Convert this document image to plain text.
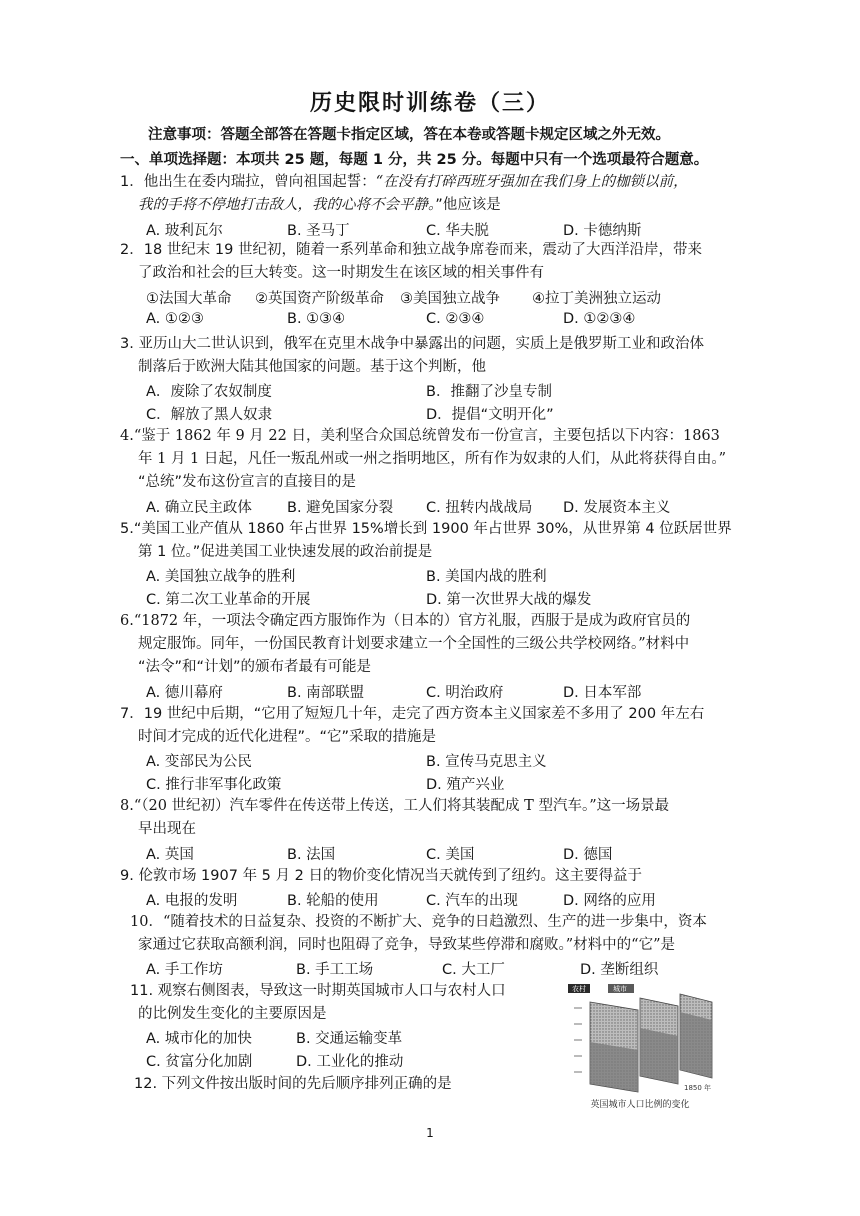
历史限时训练卷（三）
注意事项：答题全部答在答题卡指定区域，答在本卷或答题卡规定区域之外无效。
一、单项选择题：本项共 25 题，每题 1 分，共 25 分。每题中只有一个选项最符合题意。
1．他出生在委内瑞拉，曾向祖国起誓：“在没有打碎西班牙强加在我们身上的枷锁以前，
我的手将不停地打击敌人，我的心将不会平静。”他应该是
A. 玻利瓦尔	B. 圣马丁	C. 华夫脱	D. 卡德纳斯
2．18 世纪末 19 世纪初，随着一系列革命和独立战争席卷而来，震动了大西洋沿岸，带来
了政治和社会的巨大转变。这一时期发生在该区域的相关事件有
①法国大革命 ②英国资产阶级革命 ③美国独立战争 ④拉丁美洲独立运动
A. ①②③	B. ①③④	C. ②③④	D. ①②③④
3. 亚历山大二世认识到，俄军在克里木战争中暴露出的问题，实质上是俄罗斯工业和政治体
制落后于欧洲大陆其他国家的问题。基于这个判断，他
A．废除了农奴制度	B．推翻了沙皇专制
C．解放了黑人奴隶	D．提倡“文明开化”
4.“鉴于 1862 年 9 月 22 日，美利坚合众国总统曾发布一份宣言，主要包括以下内容：1863
年 1 月 1 日起，凡任一叛乱州或一州之指明地区，所有作为奴隶的人们，从此将获得自由。”
“总统”发布这份宣言的直接目的是
A. 确立民主政体 B. 避免国家分裂 C. 扭转内战战局 D. 发展资本主义
5.“美国工业产值从 1860 年占世界 15%增长到 1900 年占世界 30%，从世界第 4 位跃居世界
第 1 位。”促进美国工业快速发展的政治前提是
A. 美国独立战争的胜利	B. 美国内战的胜利
C. 第二次工业革命的开展	D. 第一次世界大战的爆发
6.“1872 年，一项法令确定西方服饰作为（日本的）官方礼服，西服于是成为政府官员的
规定服饰。同年，一份国民教育计划要求建立一个全国性的三级公共学校网络。”材料中
“法令”和“计划”的颁布者最有可能是
A. 德川幕府	B. 南部联盟	C. 明治政府	D. 日本军部
7．19 世纪中后期，“它用了短短几十年，走完了西方资本主义国家差不多用了 200 年左右
时间才完成的近代化进程”。“它”采取的措施是
A. 变部民为公民	B. 宣传马克思主义
C. 推行非军事化政策	D. 殖产兴业
8.“（20 世纪初）汽车零件在传送带上传送，工人们将其装配成 T 型汽车。”这一场景最
早出现在
A. 英国	B. 法国	C. 美国	D. 德国
9. 伦敦市场 1907 年 5 月 2 日的物价变化情况当天就传到了纽约。这主要得益于
A. 电报的发明	B. 轮船的使用	C. 汽车的出现	D. 网络的应用
10．“随着技术的日益复杂、投资的不断扩大、竞争的日趋激烈、生产的进一步集中，资本
家通过它获取高额利润，同时也阻碍了竞争，导致某些停滞和腐败。”材料中的“它”是
A. 手工作坊	B. 手工工场	C. 大工厂	D. 垄断组织
11. 观察右侧图表，导致这一时期英国城市人口与农村人口
的比例发生变化的主要原因是
A. 城市化的加快	B. 交通运输变革
C. 贫富分化加剧	D. 工业化的推动
12. 下列文件按出版时间的先后顺序排列正确的是
农村	城市
1850 年
英国城市人口比例的变化
1
